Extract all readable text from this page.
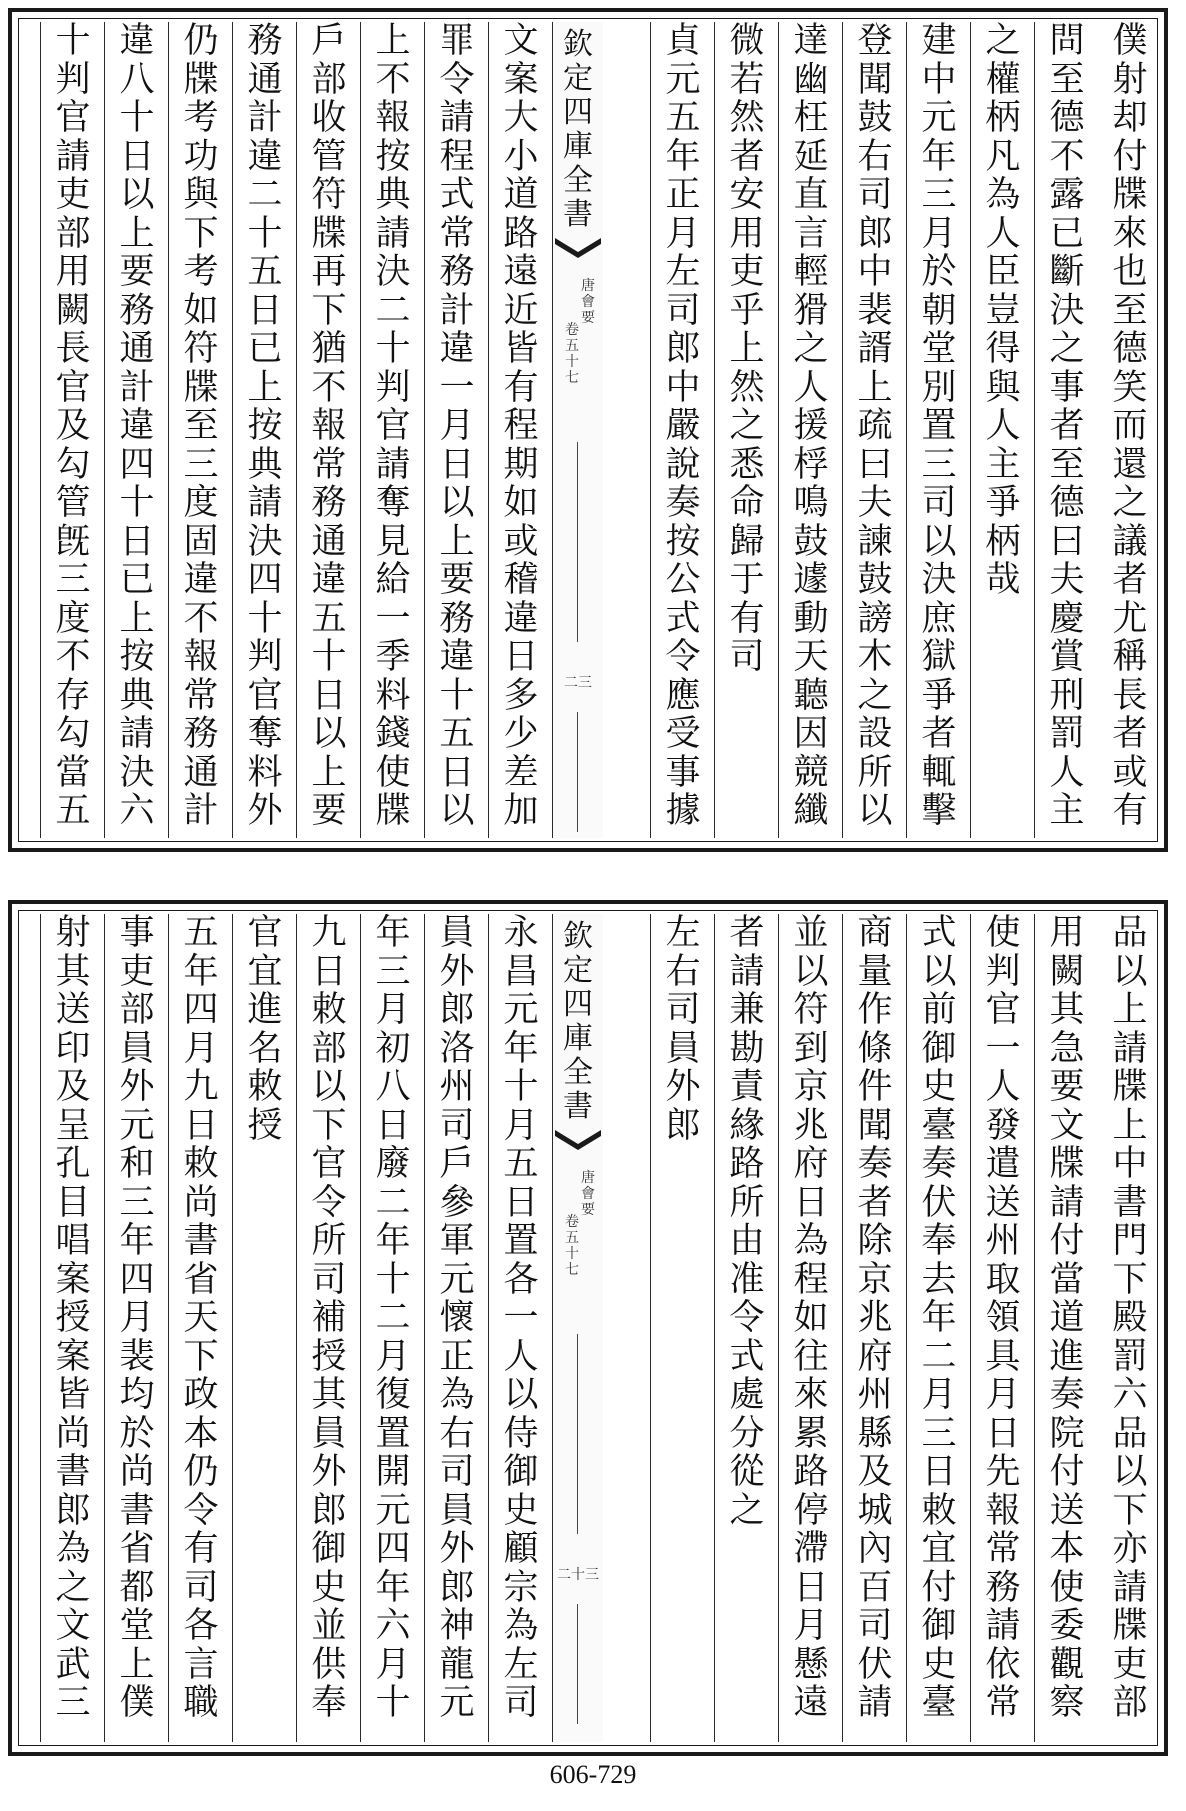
欽
定
四
庫
全
書
唐
會
要
卷
五
十
七
二三
僕
射
却
付
牒
來
也
至
德
笑
而
還
之
議
者
尤
稱
長
者
或
有
問
至
德
不
露
已
斷
決
之
事
者
至
德
曰
夫
慶
賞
刑
罰
人
主
之
權
柄
凡
為
人
臣
豈
得
與
人
主
爭
柄
哉
建
中
元
年
三
月
於
朝
堂
別
置
三
司
以
決
庶
獄
爭
者
輒
擊
登
聞
鼓
右
司
郎
中
裴
諝
上
疏
曰
夫
諫
鼓
謗
木
之
設
所
以
達
幽
枉
延
直
言
輕
猾
之
人
援
桴
鳴
鼓
遽
動
天
聽
因
競
纖
微
若
然
者
安
用
吏
乎
上
然
之
悉
命
歸
于
有
司
貞
元
五
年
正
月
左
司
郎
中
嚴
說
奏
按
公
式
令
應
受
事
據
文
案
大
小
道
路
遠
近
皆
有
程
期
如
或
稽
違
日
多
少
差
加
罪
令
請
程
式
常
務
計
違
一
月
日
以
上
要
務
違
十
五
日
以
上
不
報
按
典
請
決
二
十
判
官
請
奪
見
給
一
季
料
錢
使
牒
戶
部
收
管
符
牒
再
下
猶
不
報
常
務
通
違
五
十
日
以
上
要
務
通
計
違
二
十
五
日
已
上
按
典
請
決
四
十
判
官
奪
料
外
仍
牒
考
功
與
下
考
如
符
牒
至
三
度
固
違
不
報
常
務
通
計
違
八
十
日
以
上
要
務
通
計
違
四
十
日
已
上
按
典
請
決
六
十
判
官
請
吏
部
用
闕
長
官
及
勾
管
旣
三
度
不
存
勾
當
五
欽
定
四
庫
全
書
唐
會
要
卷
五
十
七
二十三
品
以
上
請
牒
上
中
書
門
下
殿
罰
六
品
以
下
亦
請
牒
吏
部
用
闕
其
急
要
文
牒
請
付
當
道
進
奏
院
付
送
本
使
委
觀
察
使
判
官
一
人
發
遣
送
州
取
領
具
月
日
先
報
常
務
請
依
常
式
以
前
御
史
臺
奏
伏
奉
去
年
二
月
三
日
敕
宜
付
御
史
臺
商
量
作
條
件
聞
奏
者
除
京
兆
府
州
縣
及
城
內
百
司
伏
請
並
以
符
到
京
兆
府
日
為
程
如
往
來
累
路
停
滯
日
月
懸
遠
者
請
兼
勘
責
緣
路
所
由
准
令
式
處
分
從
之
左
右
司
員
外
郎
永
昌
元
年
十
月
五
日
置
各
一
人
以
侍
御
史
顧
宗
為
左
司
員
外
郎
洛
州
司
戶
參
軍
元
懷
正
為
右
司
員
外
郎
神
龍
元
年
三
月
初
八
日
廢
二
年
十
二
月
復
置
開
元
四
年
六
月
十
九
日
敕
部
以
下
官
令
所
司
補
授
其
員
外
郎
御
史
並
供
奉
官
宜
進
名
敕
授
五
年
四
月
九
日
敕
尚
書
省
天
下
政
本
仍
令
有
司
各
言
職
事
吏
部
員
外
元
和
三
年
四
月
裴
均
於
尚
書
省
都
堂
上
僕
射
其
送
印
及
呈
孔
目
唱
案
授
案
皆
尚
書
郎
為
之
文
武
三
606-729
